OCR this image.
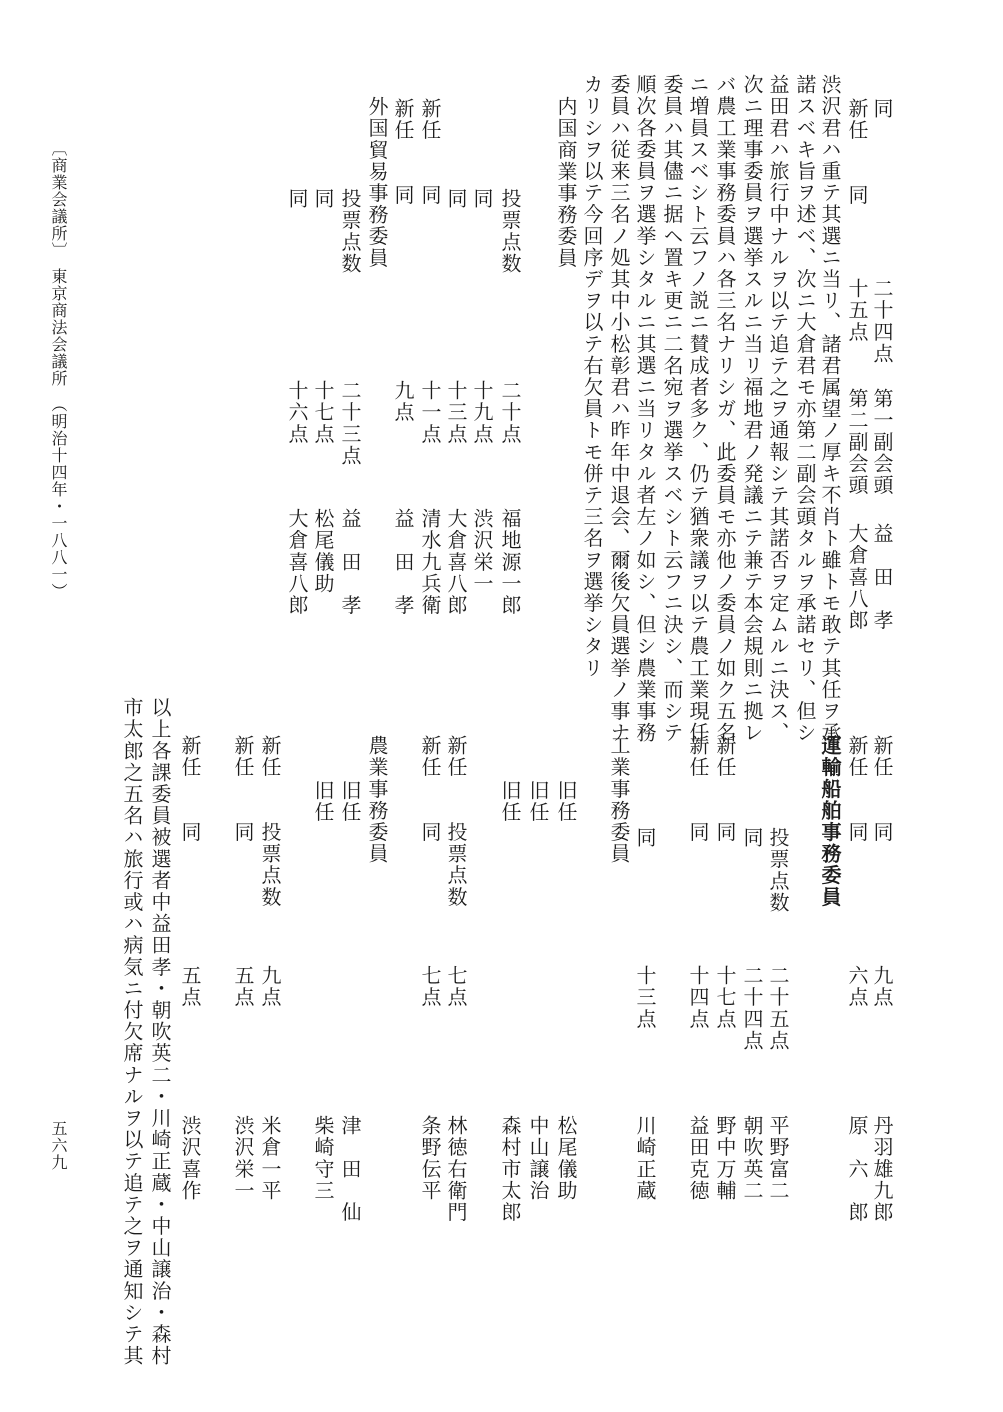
同
二十四点
第一副会頭
益　田　孝
新任　　同
十五点
第二副会頭
大倉喜八郎
渋沢君ハ重テ其選ニ当リ、諸君属望ノ厚キ不肖ト雖トモ敢テ其任ヲ承
諾スベキ旨ヲ述ベ、次ニ大倉君モ亦第二副会頭タルヲ承諾セリ、但シ
益田君ハ旅行中ナルヲ以テ追テ之ヲ通報シテ其諾否ヲ定ムルニ決ス、
次ニ理事委員ヲ選挙スルニ当リ福地君ノ発議ニテ兼テ本会規則ニ拠レ
バ農工業事務委員ハ各三名ナリシガ、此委員モ亦他ノ委員ノ如ク五名
ニ増員スベシト云フノ説ニ賛成者多ク、仍テ猶衆議ヲ以テ農工業現任
委員ハ其儘ニ据ヘ置キ更ニ二名宛ヲ選挙スベシト云フニ決シ、而シテ
順次各委員ヲ選挙シタルニ其選ニ当リタル者左ノ如シ、但シ農業事務
委員ハ従来三名ノ処其中小松彰君ハ昨年中退会、爾後欠員選挙ノ事ナ
カリシヲ以テ今回序デヲ以テ右欠員トモ併テ三名ヲ選挙シタリ
内国商業事務委員
投票点数
二十点
福地源一郎
同
十九点
渋沢栄一
同
十三点
大倉喜八郎
新任　　同
十一点
清水九兵衛
新任　　同
九点
益　田　孝
外国貿易事務委員
投票点数
二十三点
益　田　孝
同
十七点
松尾儀助
同
十六点
大倉喜八郎
新任　　同
九点
丹羽雄九郎
新任　　同
六点
原　六　郎
運輸船舶事務委員
投票点数
二十五点
平野富二
同
二十四点
朝吹英二
新任　　同
十七点
野中万輔
新任　　同
十四点
益田克徳
同
十三点
川崎正蔵
工業事務委員
旧任
松尾儀助
旧任
中山譲治
旧任
森村市太郎
新任　　投票点数
七点
林徳右衛門
新任　　同
七点
条野伝平
農業事務委員
旧任
津　田　仙
旧任
柴崎守三
新任　　投票点数
九点
米倉一平
新任　　同
五点
渋沢栄一
新任　　同
五点
渋沢喜作
以上各課委員被選者中益田孝・朝吹英二・川崎正蔵・中山譲治・森村
市太郎之五名ハ旅行或ハ病気ニ付欠席ナルヲ以テ追テ之ヲ通知シテ其
〔商業会議所〕　東京商法会議所　（明治十四年・一八八一）
五六九
